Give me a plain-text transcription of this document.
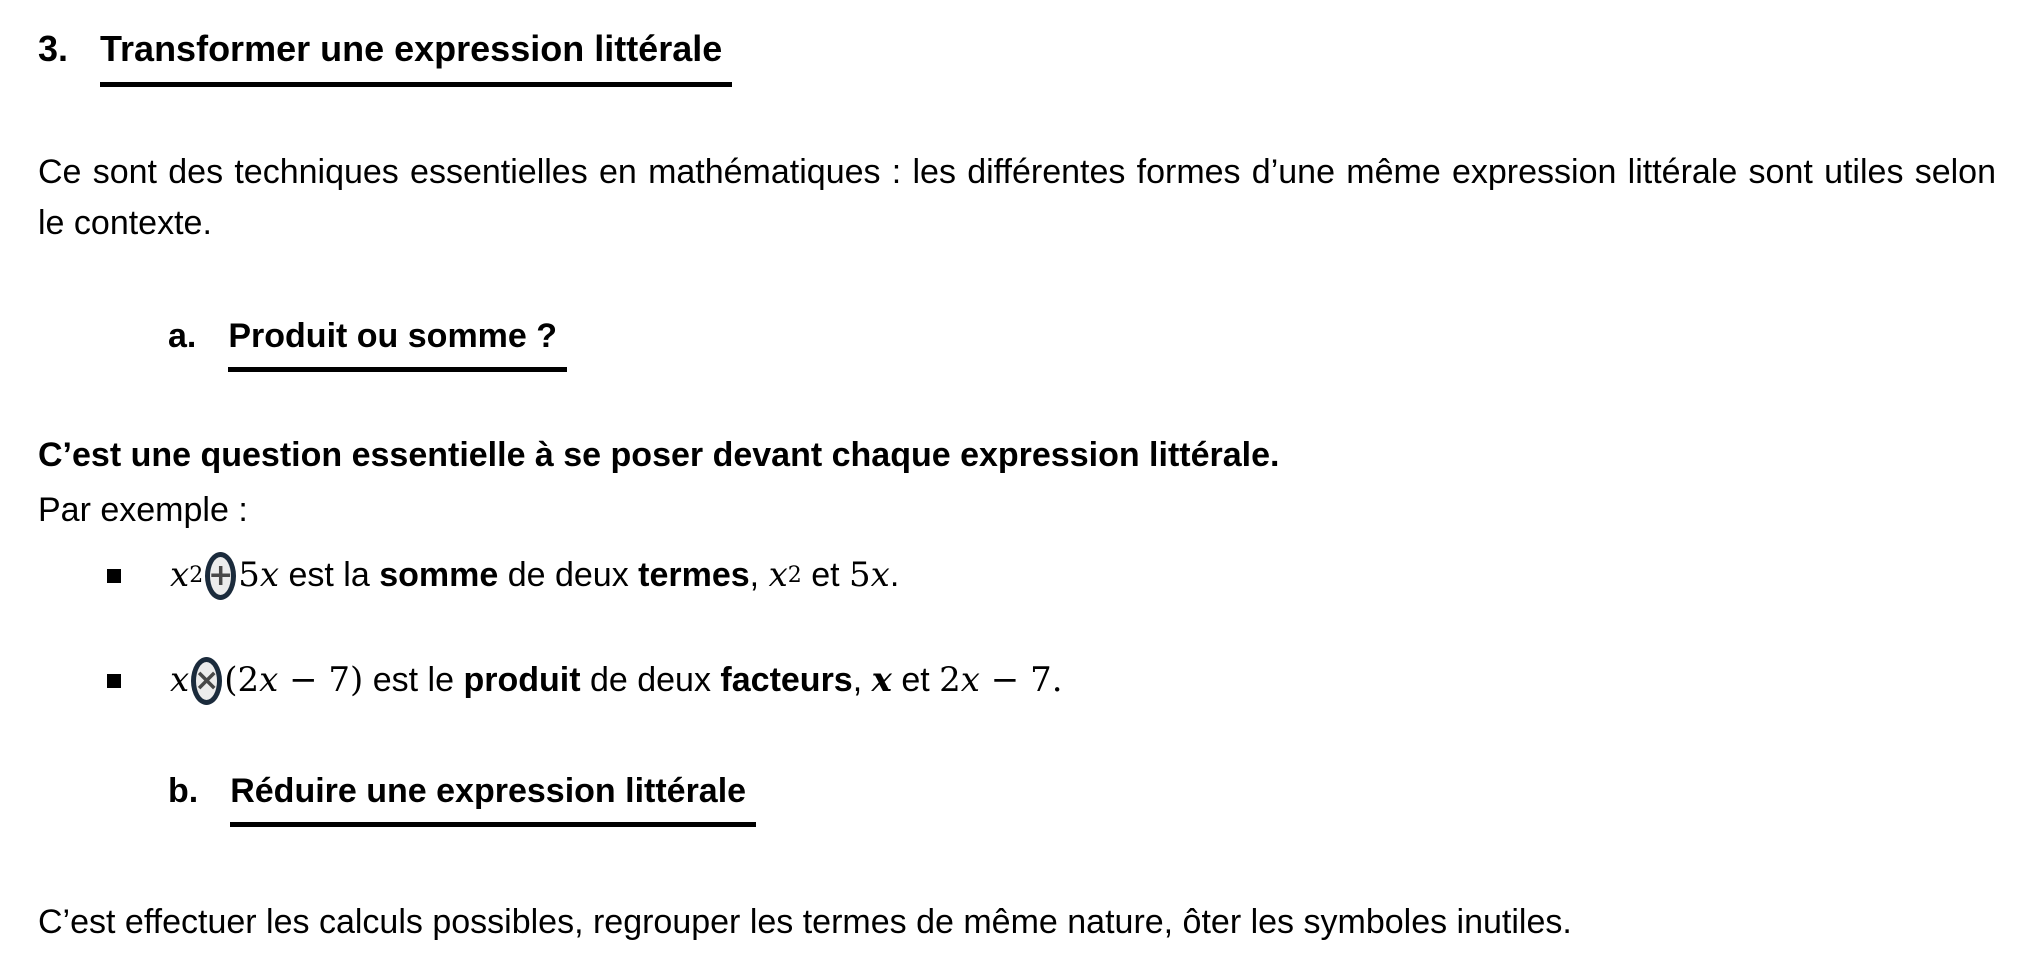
3. Transformer une expression littérale

Ce sont des techniques essentielles en mathématiques : les différentes formes d’une même expression littérale sont utiles selon le contexte.

a. Produit ou somme ?

C’est une question essentielle à se poser devant chaque expression littérale.
Par exemple :

x 2 + 5 x est la somme de deux termes , x 2 et 5 x .
x × (2 x − 7) est le produit de deux facteurs , x et 2 x − 7.
b. Réduire une expression littérale

C’est effectuer les calculs possibles, regrouper les termes de même nature, ôter les symboles inutiles.
